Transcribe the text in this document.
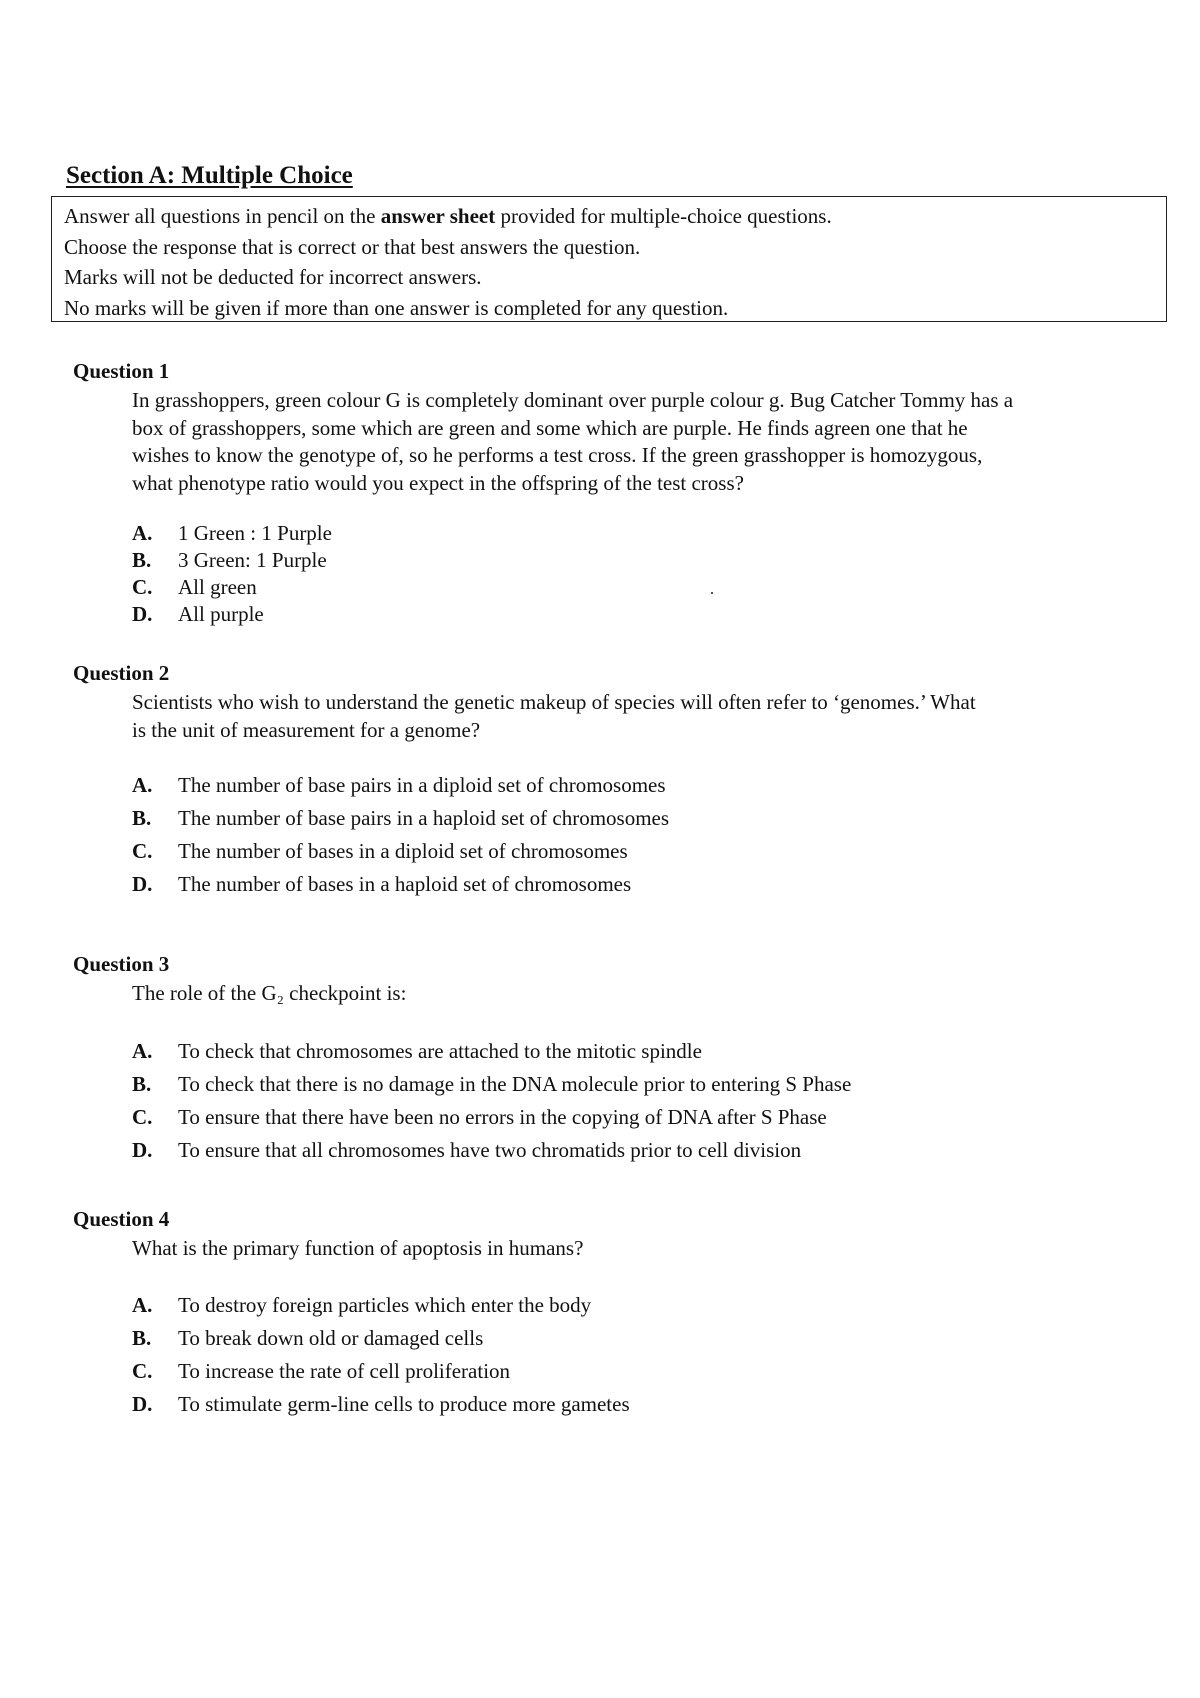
Section A: Multiple Choice
Answer all questions in pencil on the answer sheet provided for multiple-choice questions.
Choose the response that is correct or that best answers the question.
Marks will not be deducted for incorrect answers.
No marks will be given if more than one answer is completed for any question.
Question 1
In grasshoppers, green colour G is completely dominant over purple colour g. Bug Catcher Tommy has a
box of grasshoppers, some which are green and some which are purple. He finds agreen one that he
wishes to know the genotype of, so he performs a test cross. If the green grasshopper is homozygous,
what phenotype ratio would you expect in the offspring of the test cross?
A. 1 Green : 1 Purple
B. 3 Green: 1 Purple
C. All green
D. All purple
Question 2
Scientists who wish to understand the genetic makeup of species will often refer to ‘genomes.’ What
is the unit of measurement for a genome?
A. The number of base pairs in a diploid set of chromosomes
B. The number of base pairs in a haploid set of chromosomes
C. The number of bases in a diploid set of chromosomes
D. The number of bases in a haploid set of chromosomes
Question 3
The role of the G₂ checkpoint is:
A. To check that chromosomes are attached to the mitotic spindle
B. To check that there is no damage in the DNA molecule prior to entering S Phase
C. To ensure that there have been no errors in the copying of DNA after S Phase
D. To ensure that all chromosomes have two chromatids prior to cell division
Question 4
What is the primary function of apoptosis in humans?
A. To destroy foreign particles which enter the body
B. To break down old or damaged cells
C. To increase the rate of cell proliferation
D. To stimulate germ-line cells to produce more gametes
